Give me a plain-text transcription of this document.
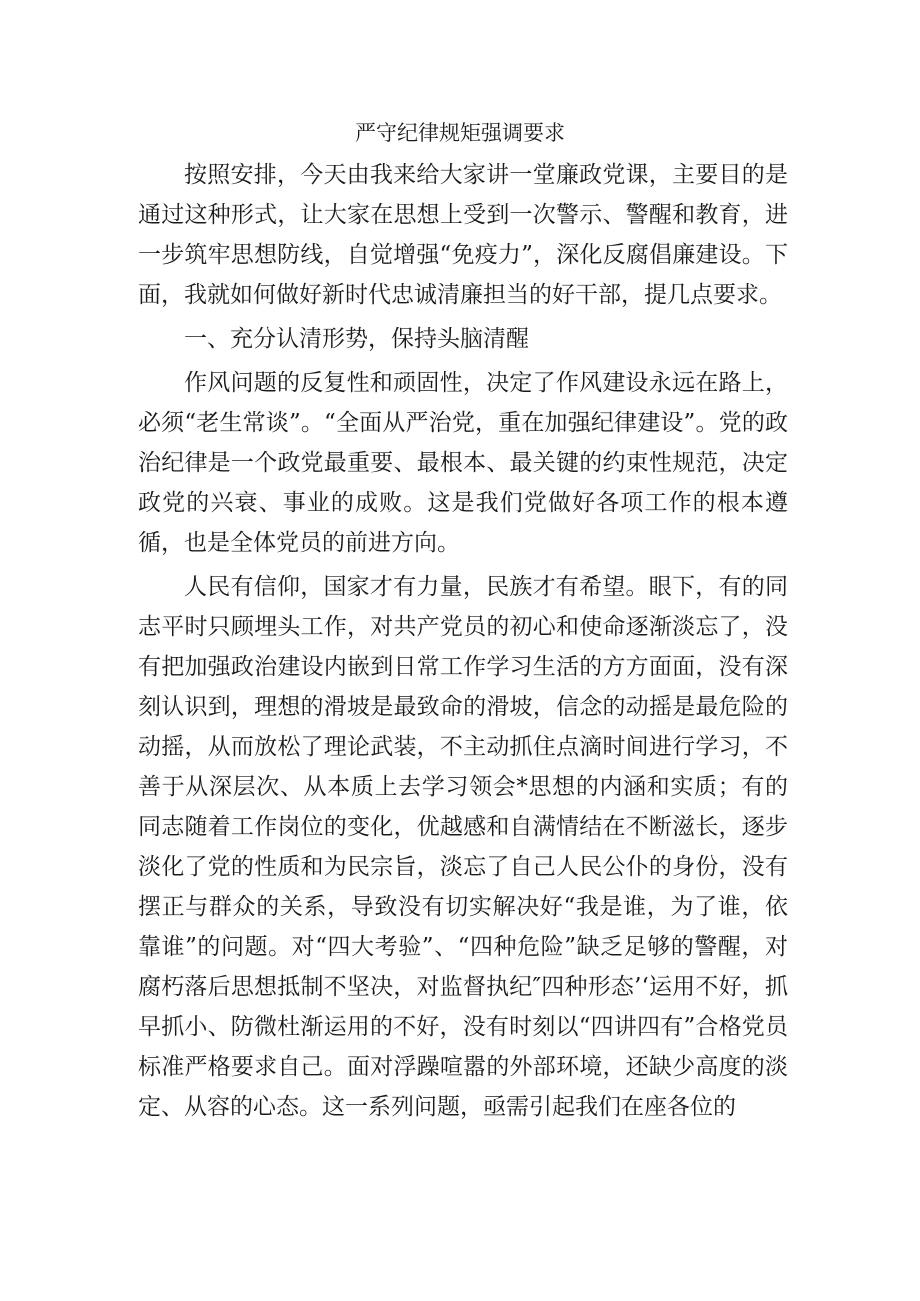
严守纪律规矩强调要求

按照安排，今天由我来给大家讲一堂廉政党课，主要目的是通过这种形式，让大家在思想上受到一次警示、警醒和教育，进一步筑牢思想防线，自觉增强“免疫力”，深化反腐倡廉建设。下面，我就如何做好新时代忠诚清廉担当的好干部，提几点要求。

一、充分认清形势，保持头脑清醒

作风问题的反复性和顽固性，决定了作风建设永远在路上，必须“老生常谈”。“全面从严治党，重在加强纪律建设”。党的政治纪律是一个政党最重要、最根本、最关键的约束性规范，决定政党的兴衰、事业的成败。这是我们党做好各项工作的根本遵循，也是全体党员的前进方向。

人民有信仰，国家才有力量，民族才有希望。眼下，有的同志平时只顾埋头工作，对共产党员的初心和使命逐渐淡忘了，没有把加强政治建设内嵌到日常工作学习生活的方方面面，没有深刻认识到，理想的滑坡是最致命的滑坡，信念的动摇是最危险的动摇，从而放松了理论武装，不主动抓住点滴时间进行学习，不善于从深层次、从本质上去学习领会*思想的内涵和实质；有的同志随着工作岗位的变化，优越感和自满情结在不断滋长，逐步淡化了党的性质和为民宗旨，淡忘了自己人民公仆的身份，没有摆正与群众的关系，导致没有切实解决好“我是谁，为了谁，依靠谁”的问题。对“四大考验”、“四种危险”缺乏足够的警醒，对腐朽落后思想抵制不坚决，对监督执纪″四种形态’‘运用不好，抓早抓小、防微杜渐运用的不好，没有时刻以“四讲四有”合格党员标准严格要求自己。面对浮躁喧嚣的外部环境，还缺少高度的淡定、从容的心态。这一系列问题，亟需引起我们在座各位的
